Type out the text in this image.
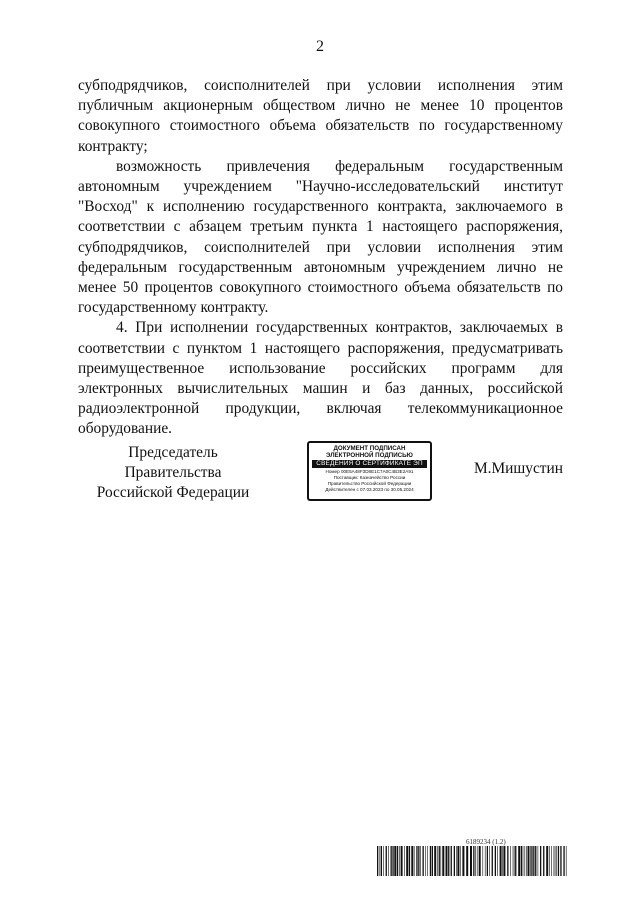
2

субподрядчиков, соисполнителей при условии исполнения этим публичным акционерным обществом лично не менее 10 процентов совокупного стоимостного объема обязательств по государственному контракту;

возможность привлечения федеральным государственным автономным учреждением "Научно-исследовательский институт "Восход" к исполнению государственного контракта, заключаемого в соответствии с абзацем третьим пункта 1 настоящего распоряжения, субподрядчиков, соисполнителей при условии исполнения этим федеральным государственным автономным учреждением лично не менее 50 процентов совокупного стоимостного объема обязательств по государственному контракту.

4. При исполнении государственных контрактов, заключаемых в соответствии с пунктом 1 настоящего распоряжения, предусматривать преимущественное использование российских программ для электронных вычислительных машин и баз данных, российской радиоэлектронной продукции, включая телекоммуникационное оборудование.

Председатель Правительства
Российской Федерации
ДОКУМЕНТ ПОДПИСАН
ЭЛЕКТРОННОЙ ПОДПИСЬЮ
СВЕДЕНИЯ О СЕРТИФИКАТЕ ЭП
Номер 00E5A48F3D8E1C7A0C4B3E2A91
Поставщик: Казначейство России
Правительство Российской Федерации
Действителен с 07.03.2023 по 30.05.2024
М.Мишустин
6189234 (1.2)
